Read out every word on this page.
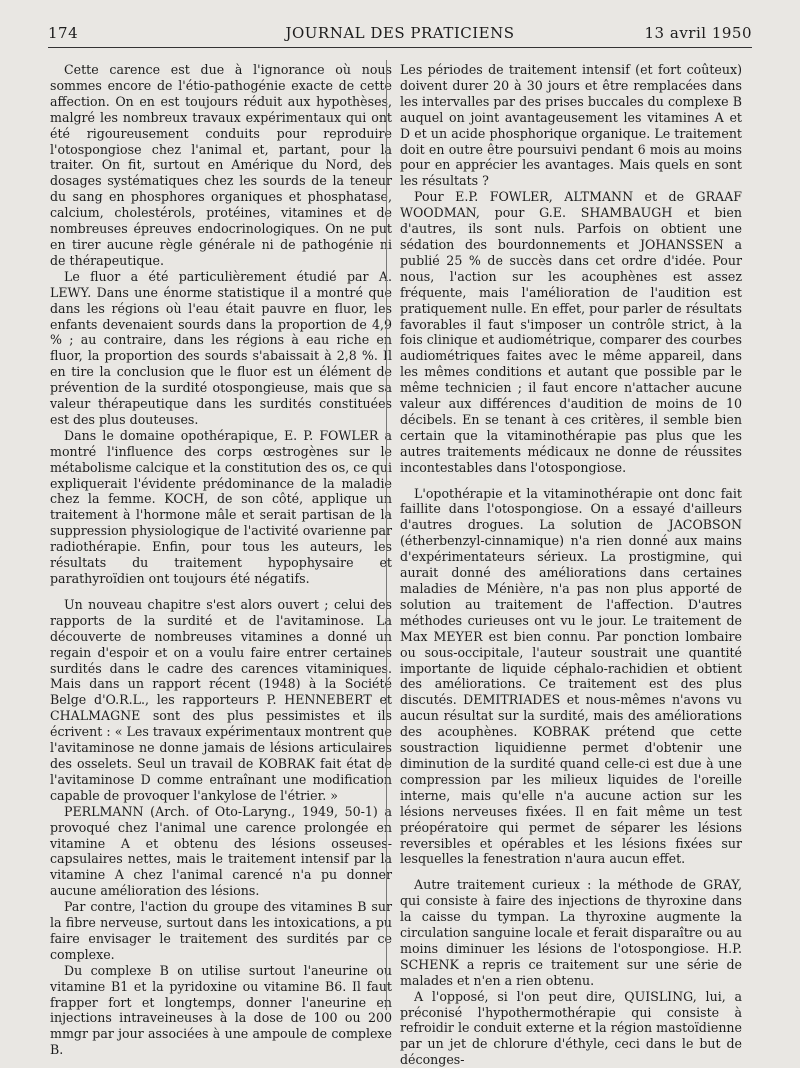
174	JOURNAL DES PRATICIENS	13 avril 1950

Cette carence est due à l'ignorance où nous sommes encore de l'étio-pathogénie exacte de cette affection. On en est toujours réduit aux hypothèses, malgré les nombreux travaux expérimentaux qui ont été rigoureusement conduits pour reproduire l'otospongiose chez l'animal et, partant, pour la traiter. On fit, surtout en Amérique du Nord, des dosages systématiques chez les sourds de la teneur du sang en phosphores organiques et phosphatase, calcium, cholestérols, protéines, vitamines et de nombreuses épreuves endocrinologiques. On ne put en tirer aucune règle générale ni de pathogénie ni de thérapeutique.

Le fluor a été particulièrement étudié par A. LEWY. Dans une énorme statistique il a montré que dans les régions où l'eau était pauvre en fluor, les enfants devenaient sourds dans la proportion de 4,9 % ; au contraire, dans les régions à eau riche en fluor, la proportion des sourds s'abaissait à 2,8 %. Il en tire la conclusion que le fluor est un élément de prévention de la surdité otospongieuse, mais que sa valeur thérapeutique dans les surdités constituées est des plus douteuses.

Dans le domaine opothérapique, E. P. FOWLER a montré l'influence des corps œstrogènes sur le métabolisme calcique et la constitution des os, ce qui expliquerait l'évidente prédominance de la maladie chez la femme. KOCH, de son côté, applique un traitement à l'hormone mâle et serait partisan de la suppression physiologique de l'activité ovarienne par radiothérapie. Enfin, pour tous les auteurs, les résultats du traitement hypophysaire et parathyroïdien ont toujours été négatifs.

Un nouveau chapitre s'est alors ouvert ; celui des rapports de la surdité et de l'avitaminose. La découverte de nombreuses vitamines a donné un regain d'espoir et on a voulu faire entrer certaines surdités dans le cadre des carences vitaminiques. Mais dans un rapport récent (1948) à la Société Belge d'O.R.L., les rapporteurs P. HENNEBERT et CHALMAGNE sont des plus pessimistes et ils écrivent : « Les travaux expérimentaux montrent que l'avitaminose ne donne jamais de lésions articulaires des osselets. Seul un travail de KOBRAK fait état de l'avitaminose D comme entraînant une modification capable de provoquer l'ankylose de l'étrier. »

PERLMANN (Arch. of Oto-Laryng., 1949, 50-1) a provoqué chez l'animal une carence prolongée en vitamine A et obtenu des lésions osseuses-capsulaires nettes, mais le traitement intensif par la vitamine A chez l'animal carencé n'a pu donner aucune amélioration des lésions.

Par contre, l'action du groupe des vitamines B sur la fibre nerveuse, surtout dans les intoxications, a pu faire envisager le traitement des surdités par ce complexe.

Du complexe B on utilise surtout l'aneurine ou vitamine B1 et la pyridoxine ou vitamine B6. Il faut frapper fort et longtemps, donner l'aneurine en injections intraveineuses à la dose de 100 ou 200 mmgr par jour associées à une ampoule de complexe B.

Les périodes de traitement intensif (et fort coûteux) doivent durer 20 à 30 jours et être remplacées dans les intervalles par des prises buccales du complexe B auquel on joint avantageusement les vitamines A et D et un acide phosphorique organique. Le traitement doit en outre être poursuivi pendant 6 mois au moins pour en apprécier les avantages. Mais quels en sont les résultats ?

Pour E.P. FOWLER, ALTMANN et de GRAAF WOODMAN, pour G.E. SHAMBAUGH et bien d'autres, ils sont nuls. Parfois on obtient une sédation des bourdonnements et JOHANSSEN a publié 25 % de succès dans cet ordre d'idée. Pour nous, l'action sur les acouphènes est assez fréquente, mais l'amélioration de l'audition est pratiquement nulle. En effet, pour parler de résultats favorables il faut s'imposer un contrôle strict, à la fois clinique et audiométrique, comparer des courbes audiométriques faites avec le même appareil, dans les mêmes conditions et autant que possible par le même technicien ; il faut encore n'attacher aucune valeur aux différences d'audition de moins de 10 décibels. En se tenant à ces critères, il semble bien certain que la vitaminothérapie pas plus que les autres traitements médicaux ne donne de réussites incontestables dans l'otospongiose.

L'opothérapie et la vitaminothérapie ont donc fait faillite dans l'otospongiose. On a essayé d'ailleurs d'autres drogues. La solution de JACOBSON (étherbenzyl-cinnamique) n'a rien donné aux mains d'expérimentateurs sérieux. La prostigmine, qui aurait donné des améliorations dans certaines maladies de Ménière, n'a pas non plus apporté de solution au traitement de l'affection. D'autres méthodes curieuses ont vu le jour. Le traitement de Max MEYER est bien connu. Par ponction lombaire ou sous-occipitale, l'auteur soustrait une quantité importante de liquide céphalo-rachidien et obtient des améliorations. Ce traitement est des plus discutés. DEMITRIADES et nous-mêmes n'avons vu aucun résultat sur la surdité, mais des améliorations des acouphènes. KOBRAK prétend que cette soustraction liquidienne permet d'obtenir une diminution de la surdité quand celle-ci est due à une compression par les milieux liquides de l'oreille interne, mais qu'elle n'a aucune action sur les lésions nerveuses fixées. Il en fait même un test préopératoire qui permet de séparer les lésions reversibles et opérables et les lésions fixées sur lesquelles la fenestration n'aura aucun effet.

Autre traitement curieux : la méthode de GRAY, qui consiste à faire des injections de thyroxine dans la caisse du tympan. La thyroxine augmente la circulation sanguine locale et ferait disparaître ou au moins diminuer les lésions de l'otospongiose. H.P. SCHENK a repris ce traitement sur une série de malades et n'en a rien obtenu.

A l'opposé, si l'on peut dire, QUISLING, lui, a préconisé l'hypothermothérapie qui consiste à refroidir le conduit externe et la région mastoïdienne par un jet de chlorure d'éthyle, ceci dans le but de déconges-
